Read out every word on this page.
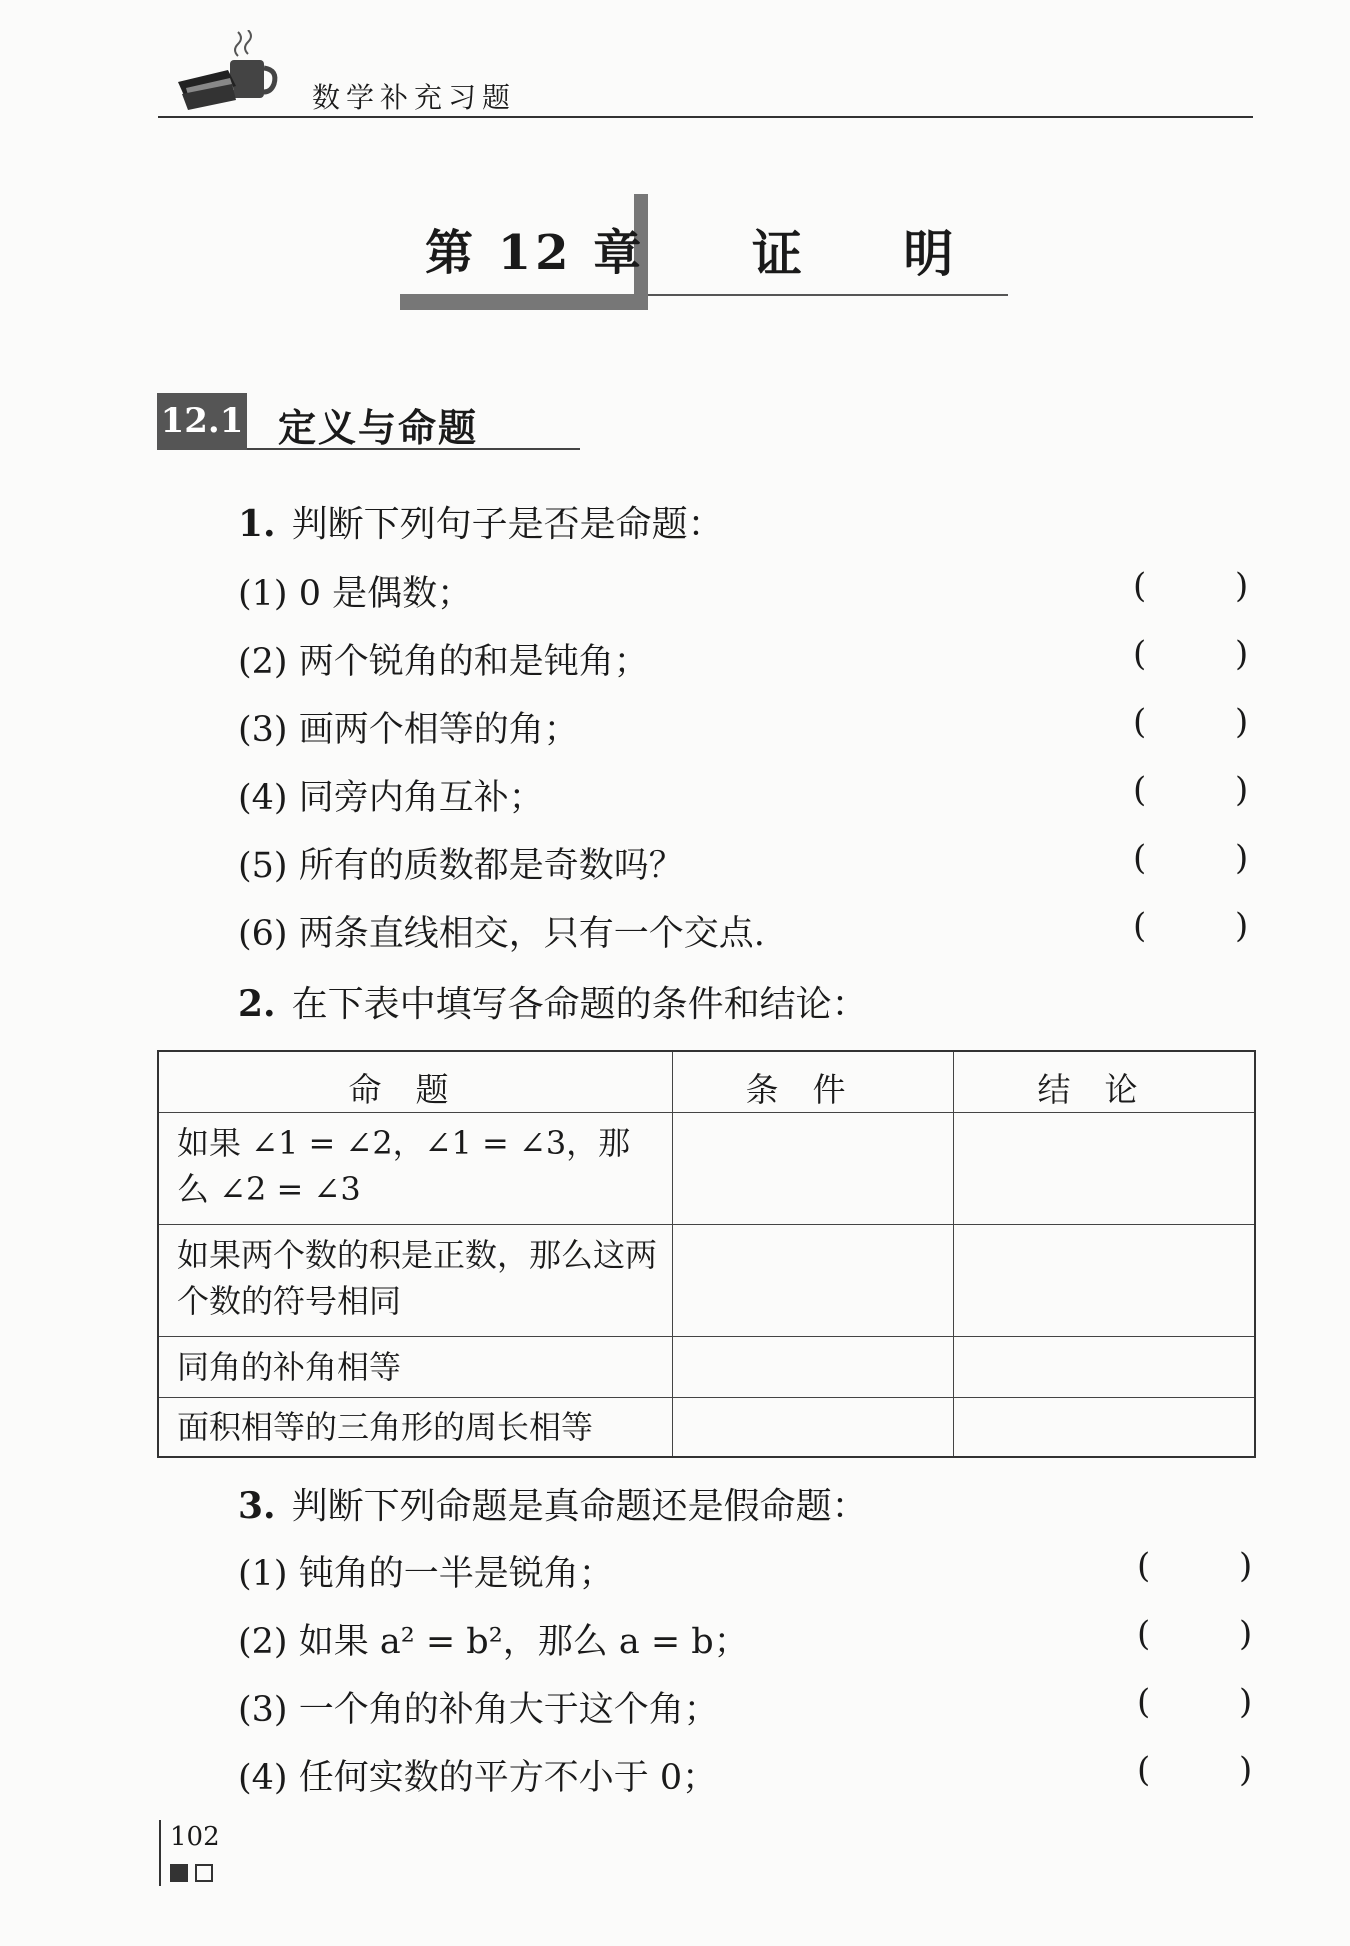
数学补充习题
第 12 章 证 明
12.1 定义与命题
1. 判断下列句子是否是命题：
(1) 0 是偶数；
(2) 两个锐角的和是钝角；
(3) 画两个相等的角；
(4) 同旁内角互补；
(5) 所有的质数都是奇数吗？
(6) 两条直线相交，只有一个交点.
(	)
(	)
(	)
(	)
(	)
(	)
2. 在下表中填写各命题的条件和结论：
命题	条件	结论
如果 ∠1 = ∠2，∠1 = ∠3，那么 ∠2 = ∠3
如果两个数的积是正数，那么这两个数的符号相同
同角的补角相等
面积相等的三角形的周长相等
3. 判断下列命题是真命题还是假命题：
(1) 钝角的一半是锐角；
(2) 如果 a² = b²，那么 a = b；
(3) 一个角的补角大于这个角；
(4) 任何实数的平方不小于 0；
(	)
(	)
(	)
(	)
102
